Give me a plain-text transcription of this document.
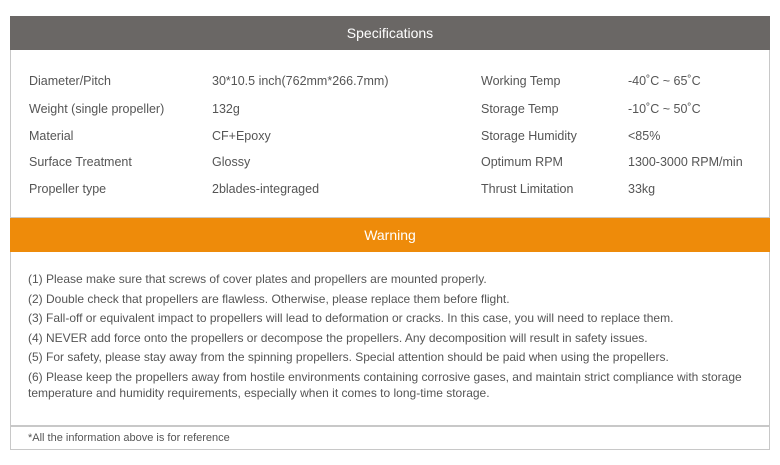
Specifications
Diameter/Pitch	30*10.5 inch(762mm*266.7mm)	Working Temp	-40˚C ~ 65˚C
Weight (single propeller)	132g	Storage Temp	-10˚C ~ 50˚C
Material	CF+Epoxy	Storage Humidity	<85%
Surface Treatment	Glossy	Optimum RPM	1300-3000 RPM/min
Propeller type	2blades-integraged	Thrust Limitation	33kg
Warning
(1) Please make sure that screws of cover plates and propellers are mounted properly.
(2) Double check that propellers are flawless. Otherwise, please replace them before flight.
(3) Fall-off or equivalent impact to propellers will lead to deformation or cracks. In this case, you will need to replace them.
(4) NEVER add force onto the propellers or decompose the propellers. Any decomposition will result in safety issues.
(5) For safety, please stay away from the spinning propellers. Special attention should be paid when using the propellers.
(6) Please keep the propellers away from hostile environments containing corrosive gases, and maintain strict compliance with storage temperature and humidity requirements, especially when it comes to long-time storage.
*All the information above is for reference
